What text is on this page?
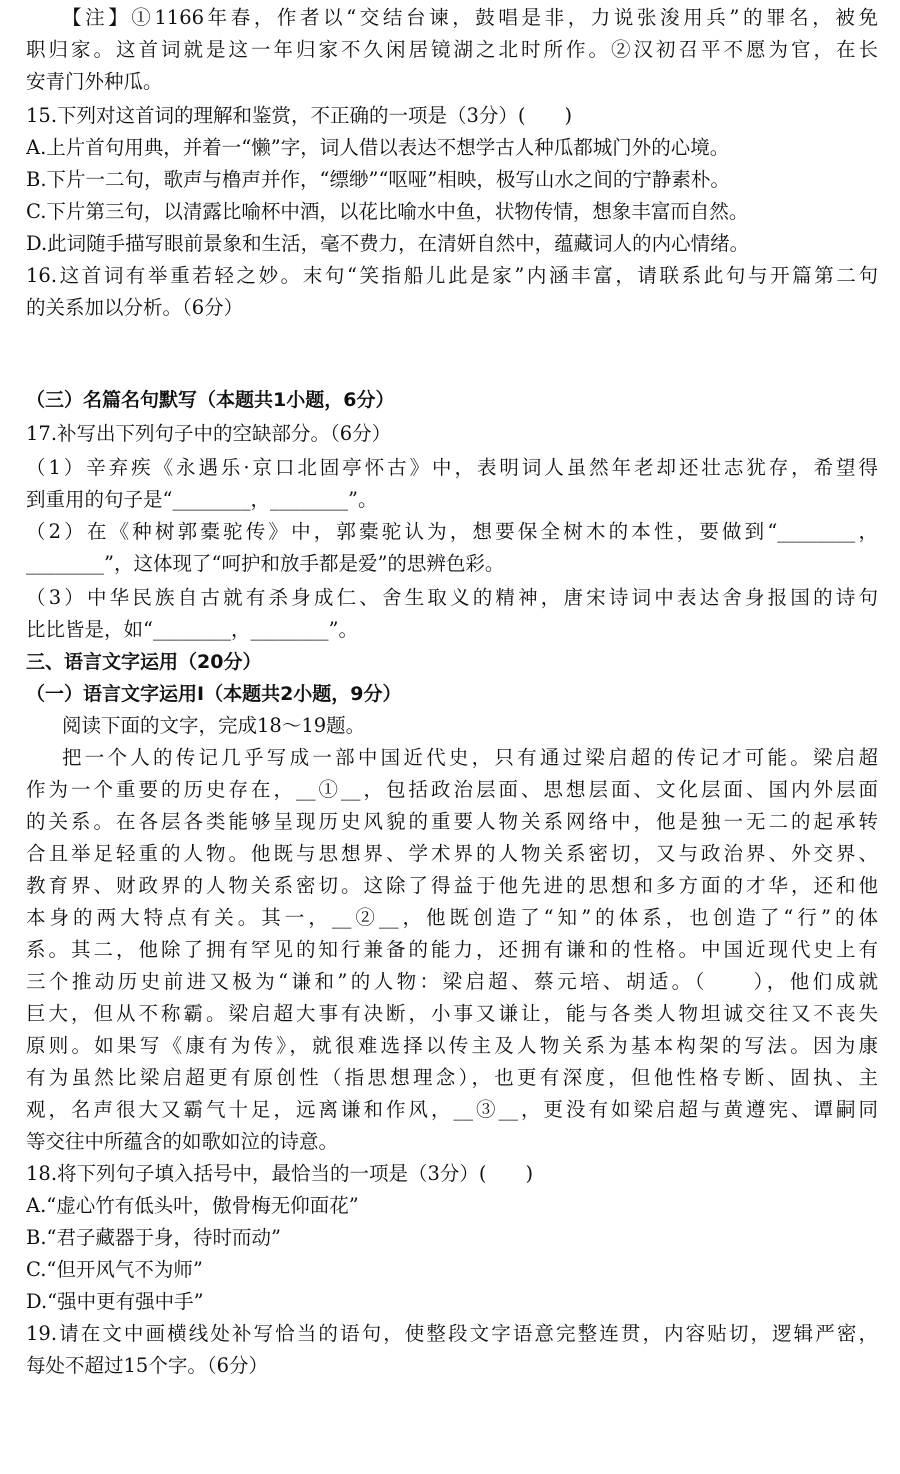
【注】①1166年春，作者以“交结台谏，鼓唱是非，力说张浚用兵”的罪名，被免
职归家。这首词就是这一年归家不久闲居镜湖之北时所作。②汉初召平不愿为官，在长
安青门外种瓜。
15.下列对这首词的理解和鉴赏，不正确的一项是（3分）(　　)
A.上片首句用典，并着一“懒”字，词人借以表达不想学古人种瓜都城门外的心境。
B.下片一二句，歌声与橹声并作，“缥缈”“呕哑”相映，极写山水之间的宁静素朴。
C.下片第三句，以清露比喻杯中酒，以花比喻水中鱼，状物传情，想象丰富而自然。
D.此词随手描写眼前景象和生活，毫不费力，在清妍自然中，蕴藏词人的内心情绪。
16.这首词有举重若轻之妙。末句“笑指船儿此是家”内涵丰富，请联系此句与开篇第二句
的关系加以分析。（6分）
（三）名篇名句默写（本题共1小题，6分）
17.补写出下列句子中的空缺部分。（6分）
（1）辛弃疾《永遇乐·京口北固亭怀古》中，表明词人虽然年老却还壮志犹存，希望得
到重用的句子是“________，________”。
（2）在《种树郭橐驼传》中，郭橐驼认为，想要保全树木的本性，要做到“________，
________”，这体现了“呵护和放手都是爱”的思辨色彩。
（3）中华民族自古就有杀身成仁、舍生取义的精神，唐宋诗词中表达舍身报国的诗句
比比皆是，如“________，________”。
三、语言文字运用（20分）
（一）语言文字运用Ⅰ（本题共2小题，9分）
阅读下面的文字，完成18～19题。
把一个人的传记几乎写成一部中国近代史，只有通过梁启超的传记才可能。梁启超
作为一个重要的历史存在，__①__，包括政治层面、思想层面、文化层面、国内外层面
的关系。在各层各类能够呈现历史风貌的重要人物关系网络中，他是独一无二的起承转
合且举足轻重的人物。他既与思想界、学术界的人物关系密切，又与政治界、外交界、
教育界、财政界的人物关系密切。这除了得益于他先进的思想和多方面的才华，还和他
本身的两大特点有关。其一，__②__，他既创造了“知”的体系，也创造了“行”的体
系。其二，他除了拥有罕见的知行兼备的能力，还拥有谦和的性格。中国近现代史上有
三个推动历史前进又极为“谦和”的人物：梁启超、蔡元培、胡适。（　　），他们成就
巨大，但从不称霸。梁启超大事有决断，小事又谦让，能与各类人物坦诚交往又不丧失
原则。如果写《康有为传》，就很难选择以传主及人物关系为基本构架的写法。因为康
有为虽然比梁启超更有原创性（指思想理念），也更有深度，但他性格专断、固执、主
观，名声很大又霸气十足，远离谦和作风，__③__，更没有如梁启超与黄遵宪、谭嗣同
等交往中所蕴含的如歌如泣的诗意。
18.将下列句子填入括号中，最恰当的一项是（3分）(　　)
A.“虚心竹有低头叶，傲骨梅无仰面花”
B.“君子藏器于身，待时而动”
C.“但开风气不为师”
D.“强中更有强中手”
19.请在文中画横线处补写恰当的语句，使整段文字语意完整连贯，内容贴切，逻辑严密，
每处不超过15个字。（6分）
